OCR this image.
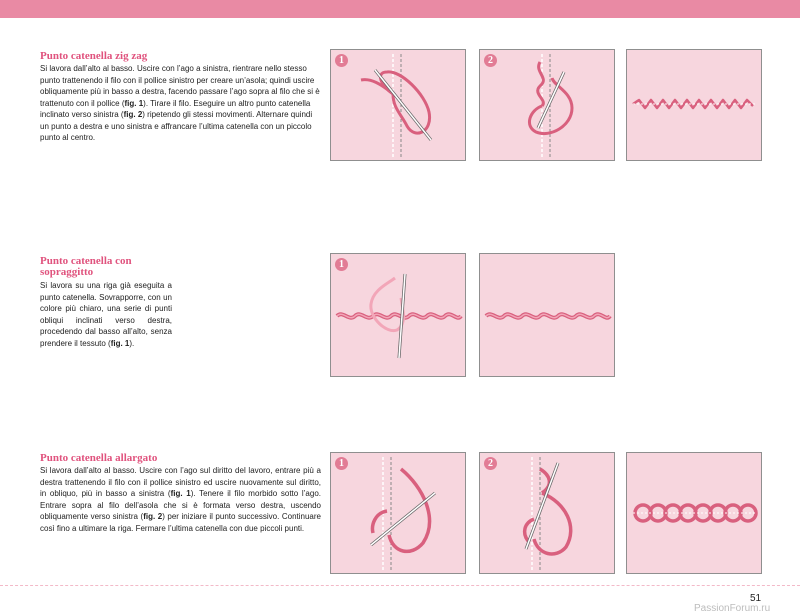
Punto catenella zig zag

Si lavora dall’alto al basso. Uscire con l’ago a sinistra, rientrare nello stesso punto trattenendo il filo con il pollice sinistro per creare un’asola; quindi uscire obliquamente più in basso a destra, facendo passare l’ago sopra al filo che si è trattenuto con il pollice (fig. 1). Tirare il filo. Eseguire un altro punto catenella inclinato verso sinistra (fig. 2) ripetendo gli stessi movimenti. Alternare quindi un punto a destra e uno sinistra e affrancare l’ultima catenella con un piccolo punto al centro.

1	2
Punto catenella con sopraggitto

Si lavora su una riga già eseguita a punto catenella. Sovrapporre, con un colore più chiaro, una serie di punti obliqui inclinati verso destra, procedendo dal basso all’alto, senza prendere il tessuto (fig. 1).

1
Punto catenella allargato

Si lavora dall’alto al basso. Uscire con l’ago sul diritto del lavoro, entrare più a destra trattenendo il filo con il pollice sinistro ed uscire nuovamente sul diritto, in obliquo, più in basso a sinistra (fig. 1). Tenere il filo morbido sotto l’ago. Entrare sopra al filo dell’asola che si è formata verso destra, uscendo obliquamente verso sinistra (fig. 2) per iniziare il punto successivo. Continuare così fino a ultimare la riga. Fermare l’ultima catenella con due piccoli punti.

1	2
51
PassionForum.ru
